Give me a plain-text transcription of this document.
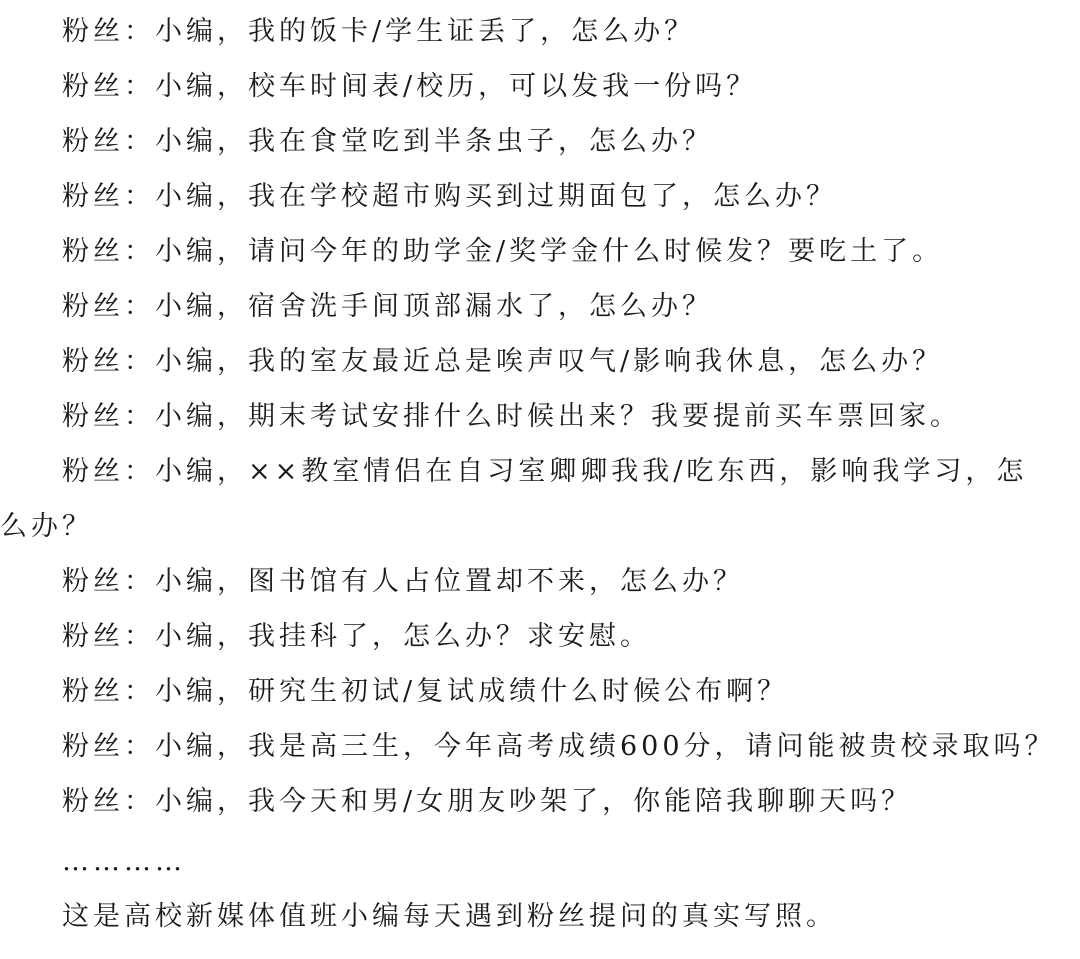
粉丝：小编，我的饭卡/学生证丢了，怎么办？
粉丝：小编，校车时间表/校历，可以发我一份吗？
粉丝：小编，我在食堂吃到半条虫子，怎么办？
粉丝：小编，我在学校超市购买到过期面包了，怎么办？
粉丝：小编，请问今年的助学金/奖学金什么时候发？要吃土了。
粉丝：小编，宿舍洗手间顶部漏水了，怎么办？
粉丝：小编，我的室友最近总是唉声叹气/影响我休息，怎么办？
粉丝：小编，期末考试安排什么时候出来？我要提前买车票回家。
粉丝：小编，××教室情侣在自习室卿卿我我/吃东西，影响我学习，怎
么办？
粉丝：小编，图书馆有人占位置却不来，怎么办？
粉丝：小编，我挂科了，怎么办？求安慰。
粉丝：小编，研究生初试/复试成绩什么时候公布啊？
粉丝：小编，我是高三生，今年高考成绩600分，请问能被贵校录取吗？
粉丝：小编，我今天和男/女朋友吵架了，你能陪我聊聊天吗？
…………
这是高校新媒体值班小编每天遇到粉丝提问的真实写照。
